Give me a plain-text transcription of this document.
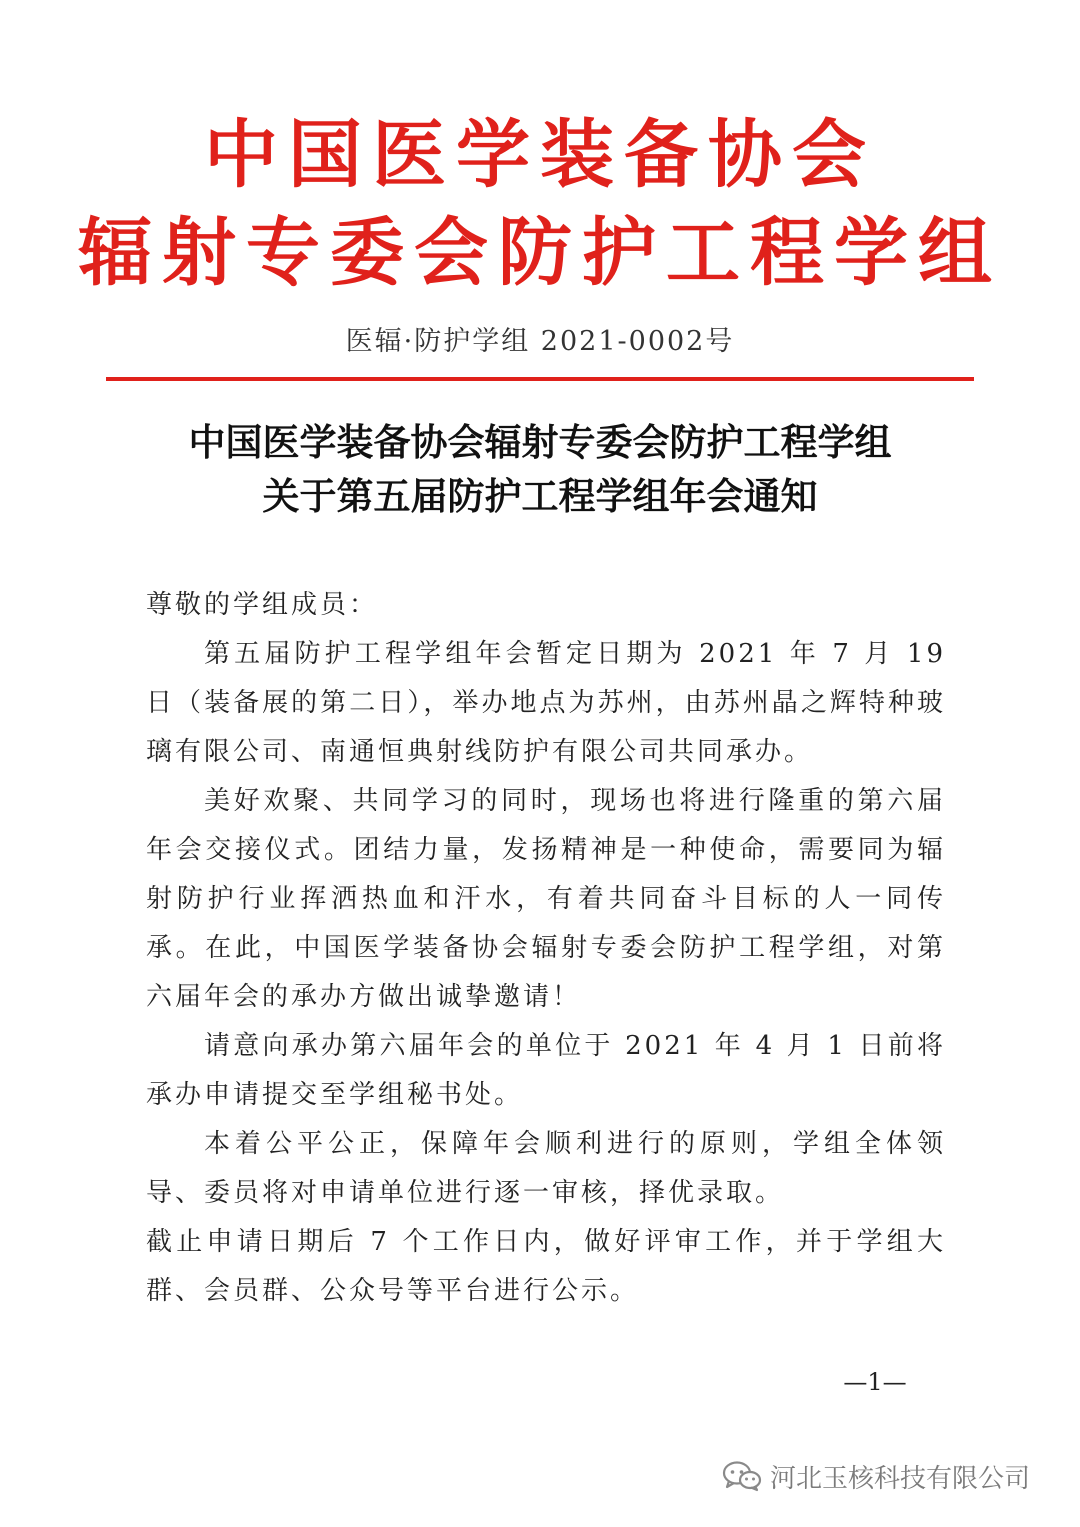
中国医学装备协会
辐射专委会防护工程学组
医辐·防护学组 2021-0002号
中国医学装备协会辐射专委会防护工程学组
关于第五届防护工程学组年会通知
尊敬的学组成员：
第五届防护工程学组年会暂定日期为 2021 年 7 月 19 日（装备展的第二日），举办地点为苏州，由苏州晶之辉特种玻璃有限公司、南通恒典射线防护有限公司共同承办。
美好欢聚、共同学习的同时，现场也将进行隆重的第六届年会交接仪式。团结力量，发扬精神是一种使命，需要同为辐射防护行业挥洒热血和汗水，有着共同奋斗目标的人一同传承。在此，中国医学装备协会辐射专委会防护工程学组，对第六届年会的承办方做出诚挚邀请！
请意向承办第六届年会的单位于 2021 年 4 月 1 日前将承办申请提交至学组秘书处。
本着公平公正，保障年会顺利进行的原则，学组全体领导、委员将对申请单位进行逐一审核，择优录取。
截止申请日期后 7 个工作日内，做好评审工作，并于学组大群、会员群、公众号等平台进行公示。
—1—
河北玉核科技有限公司
